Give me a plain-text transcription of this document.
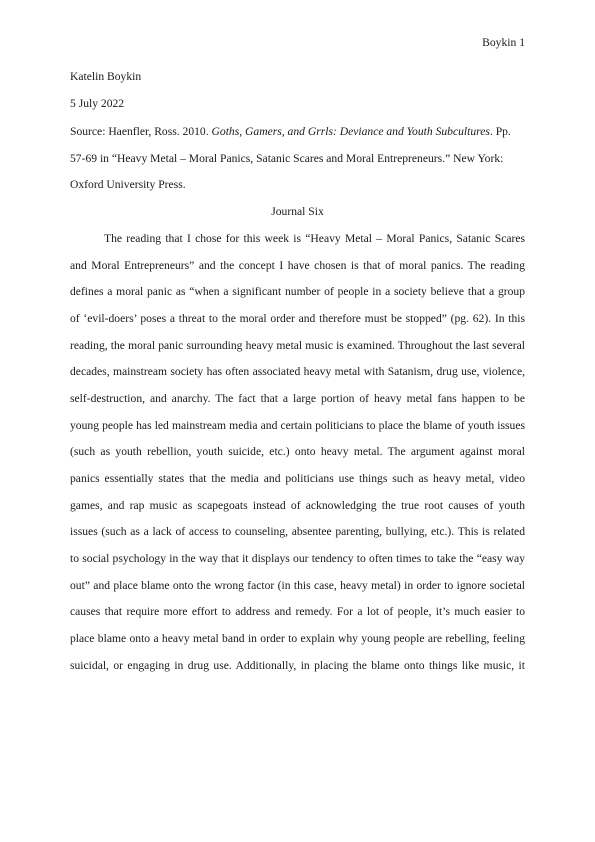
Boykin 1
Katelin Boykin
5 July 2022
Source: Haenfler, Ross. 2010. Goths, Gamers, and Grrls: Deviance and Youth Subcultures. Pp.
57-69 in “Heavy Metal – Moral Panics, Satanic Scares and Moral Entrepreneurs.” New York:
Oxford University Press.
Journal Six
The reading that I chose for this week is “Heavy Metal – Moral Panics, Satanic Scares
and Moral Entrepreneurs” and the concept I have chosen is that of moral panics. The reading
defines a moral panic as “when a significant number of people in a society believe that a group
of ‘evil-doers’ poses a threat to the moral order and therefore must be stopped” (pg. 62). In this
reading, the moral panic surrounding heavy metal music is examined. Throughout the last several
decades, mainstream society has often associated heavy metal with Satanism, drug use, violence,
self-destruction, and anarchy. The fact that a large portion of heavy metal fans happen to be
young people has led mainstream media and certain politicians to place the blame of youth issues
(such as youth rebellion, youth suicide, etc.) onto heavy metal. The argument against moral
panics essentially states that the media and politicians use things such as heavy metal, video
games, and rap music as scapegoats instead of acknowledging the true root causes of youth
issues (such as a lack of access to counseling, absentee parenting, bullying, etc.). This is related
to social psychology in the way that it displays our tendency to often times to take the “easy way
out” and place blame onto the wrong factor (in this case, heavy metal) in order to ignore societal
causes that require more effort to address and remedy. For a lot of people, it’s much easier to
place blame onto a heavy metal band in order to explain why young people are rebelling, feeling
suicidal, or engaging in drug use. Additionally, in placing the blame onto things like music, it
